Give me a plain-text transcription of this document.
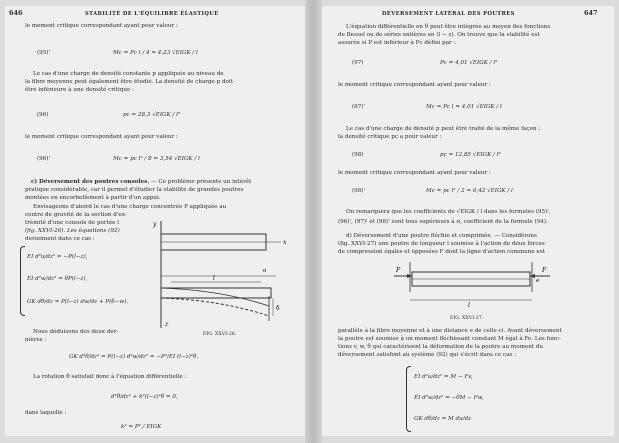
646	STABILITÉ DE L'ÉQUILIBRE ÉLASTIQUE
le moment critique correspondant ayant pour valeur :
(95)'	Mc = Pc l / 4 = 4,23 √EIGK / l
Le cas d'une charge de densité constante p appliquée au niveau de
la fibre moyenne peut également être étudié. La densité de charge p doit
être inférieure à une densité critique :
(96)	pc = 28,3 √EIGK / l³
le moment critique correspondant ayant pour valeur :
(96)'	Mc = pc l² / 8 = 3,54 √EIGK / l
c) Déversement des poutres consoles. — Ce problème présente un intérêt
pratique considérable, car il permet d'étudier la stabilité de grandes poutres
montées en encorbellement à partir d'un appui.
Envisageons d'abord le cas d'une charge concentrée P appliquée au
centre de gravité de la section d'ex-
trémité d'une console de portée l
(fig. XXVI-26). Les équations (92)
deviennent dans ce cas :
EI d²u/dz² = −P(l−z),
EI d²w/dz² = θP(l−z),
GK dθ/dz = P(l−z) dw/dz + P(δ−w).
x
o
l
δ
z
y
FIG. XXVI-26.
Nous déduisons des deux der-
nières :
GK d³θ/dz³ = P(l−z) d²w/dz² = −P²/EI (l−z)²θ.
La rotation θ satisfait donc à l'équation différentielle :
d²θ/dz² + k²(l−z)²θ = 0,
dans laquelle :
k² = P² / EIGK
DÉVERSEMENT LATÉRAL DES POUTRES	647
L'équation différentielle en θ peut être intégrée au moyen des fonctions
de Bessel ou de séries entières en (l − z). On trouve que la stabilité est
assurée si P est inférieur à Pc défini par :
(97)	Pc = 4,01 √EIGK / l²
le moment critique correspondant ayant pour valeur :
(97)'	Mc = Pc l = 4,01 √EIGK / l
Le cas d'une charge de densité p peut être traité de la même façon ;
la densité critique pc a pour valeur :
(98)	pc = 12,85 √EIGK / l³
le moment critique correspondant ayant pour valeur :
(98)'	Mc = pc l² / 2 = 6,42 √EIGK / l
On remarquera que les coefficients de √EIGK / l dans les formules (95)',
(96)', (97)' et (98)' sont tous supérieurs à π, coefficient de la formule (94).
d) Déversement d'une poutre fléchie et comprimée. — Considérons
(fig. XXVI-27) une poutre de longueur l soumise à l'action de deux forces
de compression égales et opposées F dont la ligne d'action commune est
F	F
e
l
FIG. XXVI-27.
parallèle à la fibre moyenne et à une distance e de celle-ci. Avant déversement
la poutre est soumise à un moment fléchissant constant M égal à Fe. Les fonc-
tions v, w, θ qui caractérisent la déformation de la poutre au moment du
déversement satisfont au système (92) qui s'écrit dans ce cas :
EI d²u/dz² = M − Fv,
EI d²w/dz² = −θM − Fw,
GK dθ/dz = M du/dz
